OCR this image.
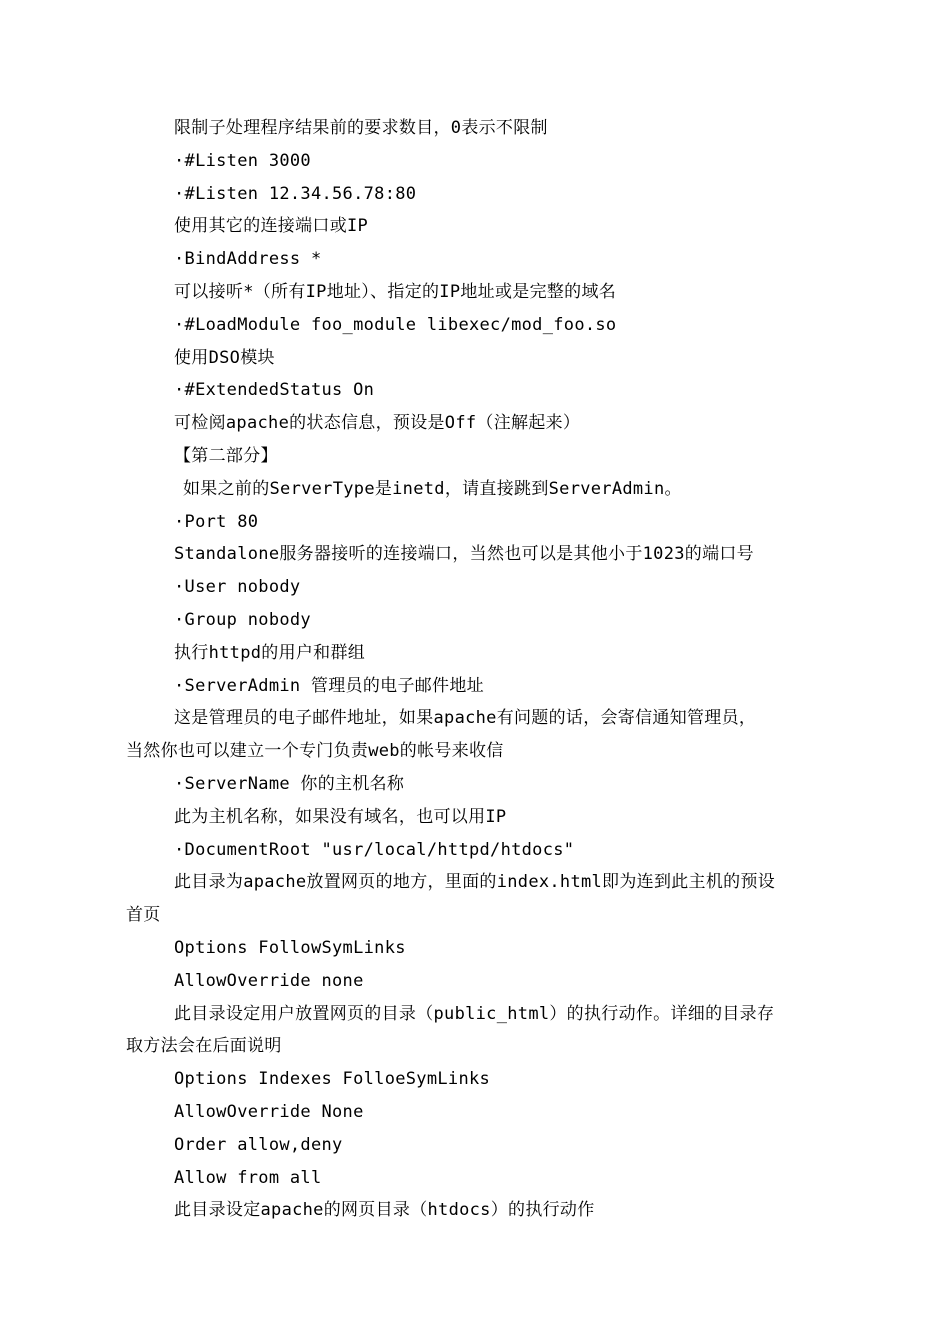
限制子处理程序结果前的要求数目，0表示不限制
·#Listen 3000
·#Listen 12.34.56.78:80
使用其它的连接端口或IP
·BindAddress *
可以接听*（所有IP地址）、指定的IP地址或是完整的域名
·#LoadModule foo_module libexec/mod_foo.so
使用DSO模块
·#ExtendedStatus On
可检阅apache的状态信息，预设是Off（注解起来）
【第二部分】
如果之前的ServerType是inetd，请直接跳到ServerAdmin。
·Port 80
Standalone服务器接听的连接端口，当然也可以是其他小于1023的端口号
·User nobody
·Group nobody
执行httpd的用户和群组
·ServerAdmin 管理员的电子邮件地址
这是管理员的电子邮件地址，如果apache有问题的话，会寄信通知管理员，
当然你也可以建立一个专门负责web的帐号来收信
·ServerName 你的主机名称
此为主机名称，如果没有域名，也可以用IP
·DocumentRoot "usr/local/httpd/htdocs"
此目录为apache放置网页的地方，里面的index.html即为连到此主机的预设
首页
Options FollowSymLinks
AllowOverride none
此目录设定用户放置网页的目录（public_html）的执行动作。详细的目录存
取方法会在后面说明
Options Indexes FolloeSymLinks
AllowOverride None
Order allow,deny
Allow from all
此目录设定apache的网页目录（htdocs）的执行动作
